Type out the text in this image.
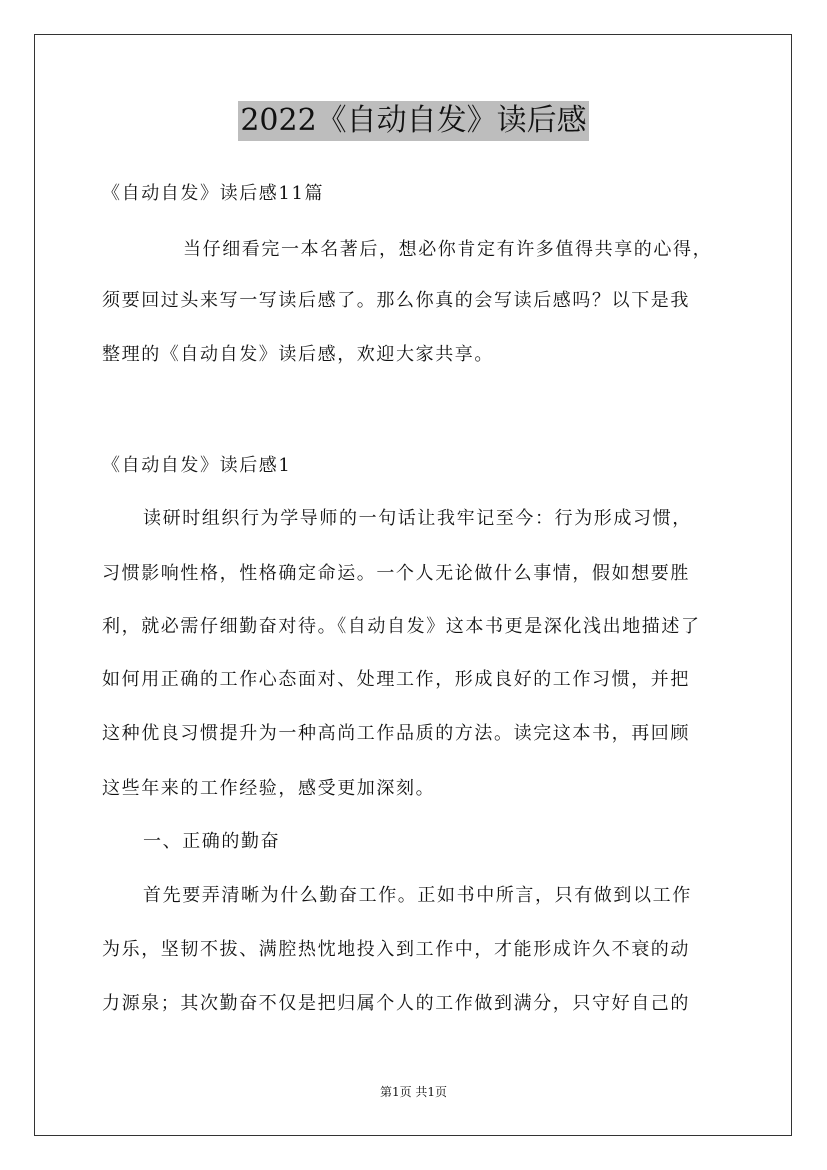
2022《自动自发》读后感
《自动自发》读后感11篇
当仔细看完一本名著后，想必你肯定有许多值得共享的心得，
须要回过头来写一写读后感了。那么你真的会写读后感吗？以下是我
整理的《自动自发》读后感，欢迎大家共享。
《自动自发》读后感1
读研时组织行为学导师的一句话让我牢记至今：行为形成习惯，
习惯影响性格，性格确定命运。一个人无论做什么事情，假如想要胜
利，就必需仔细勤奋对待。《自动自发》这本书更是深化浅出地描述了
如何用正确的工作心态面对、处理工作，形成良好的工作习惯，并把
这种优良习惯提升为一种高尚工作品质的方法。读完这本书，再回顾
这些年来的工作经验，感受更加深刻。
一、正确的勤奋
首先要弄清晰为什么勤奋工作。正如书中所言，只有做到以工作
为乐，坚韧不拔、满腔热忱地投入到工作中，才能形成许久不衰的动
力源泉；其次勤奋不仅是把归属个人的工作做到满分，只守好自己的
第1页 共1页
